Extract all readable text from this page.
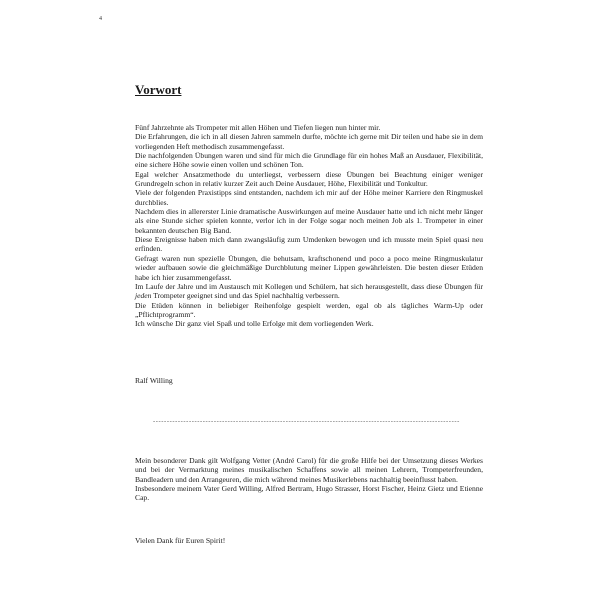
4
Vorwort

Fünf Jahrzehnte als Trompeter mit allen Höhen und Tiefen liegen nun hinter mir.

Die Erfahrungen, die ich in all diesen Jahren sammeln durfte, möchte ich gerne mit Dir teilen und habe sie in dem vorliegenden Heft methodisch zusammengefasst.

Die nachfolgenden Übungen waren und sind für mich die Grundlage für ein hohes Maß an Ausdauer, Flexibilität, eine sichere Höhe sowie einen vollen und schönen Ton.

Egal welcher Ansatzmethode du unterliegst, verbessern diese Übungen bei Beachtung einiger weniger Grundregeln schon in relativ kurzer Zeit auch Deine Ausdauer, Höhe, Flexibilität und Tonkultur.

Viele der folgenden Praxistipps sind entstanden, nachdem ich mir auf der Höhe meiner Karriere den Ringmuskel durchblies.

Nachdem dies in allererster Linie dramatische Auswirkungen auf meine Ausdauer hatte und ich nicht mehr länger als eine Stunde sicher spielen konnte, verlor ich in der Folge sogar noch meinen Job als 1. Trompeter in einer bekannten deutschen Big Band.

Diese Ereignisse haben mich dann zwangsläufig zum Umdenken bewogen und ich musste mein Spiel quasi neu erfinden.

Gefragt waren nun spezielle Übungen, die behutsam, kraftschonend und poco a poco meine Ringmuskulatur wieder aufbauen sowie die gleichmäßige Durchblutung meiner Lippen gewährleisten. Die besten dieser Etüden habe ich hier zusammengefasst.

Im Laufe der Jahre und im Austausch mit Kollegen und Schülern, hat sich herausgestellt, dass diese Übungen für jeden Trompeter geeignet sind und das Spiel nachhaltig verbessern.

Die Etüden können in beliebiger Reihenfolge gespielt werden, egal ob als tägliches Warm-Up oder „Pflichtprogramm“.

Ich wünsche Dir ganz viel Spaß und tolle Erfolge mit dem vorliegenden Werk.

Ralf Willing

---------------------------------------------------------------------------------------------------------------

Mein besonderer Dank gilt Wolfgang Vetter (André Carol) für die große Hilfe bei der Umsetzung dieses Werkes und bei der Vermarktung meines musikalischen Schaffens sowie all meinen Lehrern, Trompeterfreunden, Bandleadern und den Arrangeuren, die mich während meines Musikerlebens nachhaltig beeinflusst haben.

Insbesondere meinem Vater Gerd Willing, Alfred Bertram, Hugo Strasser, Horst Fischer, Heinz Gietz und Etienne Cap.

Vielen Dank für Euren Spirit!
